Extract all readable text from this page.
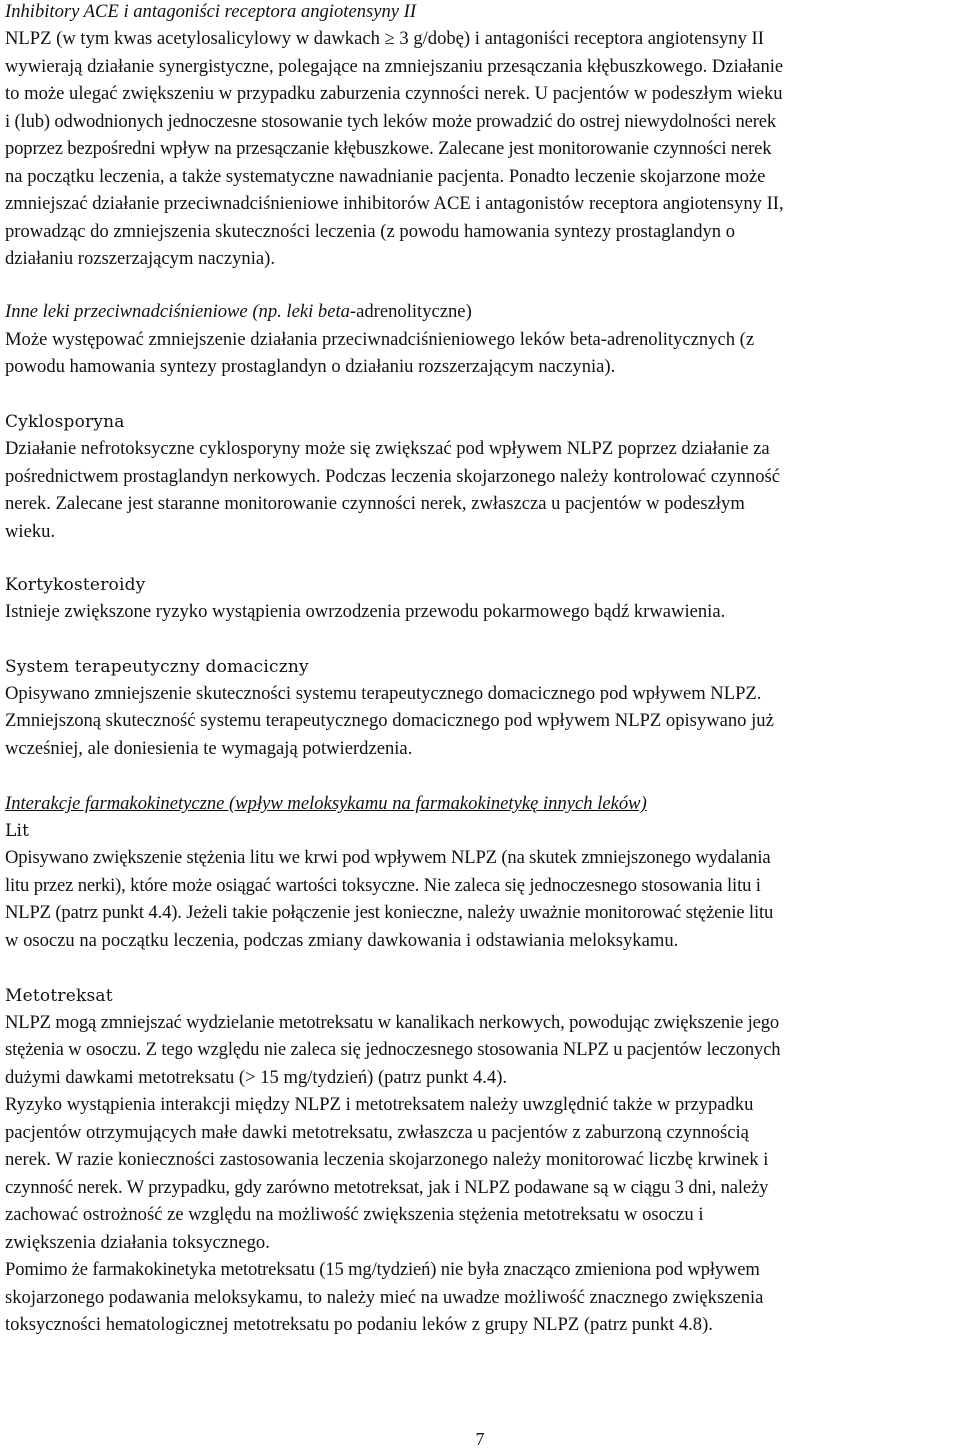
Inhibitory ACE i antagoniści receptora angiotensyny II
NLPZ (w tym kwas acetylosalicylowy w dawkach ≥ 3 g/dobę) i antagoniści receptora angiotensyny II
wywierają działanie synergistyczne, polegające na zmniejszaniu przesączania kłębuszkowego. Działanie
to może ulegać zwiększeniu w przypadku zaburzenia czynności nerek. U pacjentów w podeszłym wieku
i (lub) odwodnionych jednoczesne stosowanie tych leków może prowadzić do ostrej niewydolności nerek
poprzez bezpośredni wpływ na przesączanie kłębuszkowe. Zalecane jest monitorowanie czynności nerek
na początku leczenia, a także systematyczne nawadnianie pacjenta. Ponadto leczenie skojarzone może
zmniejszać działanie przeciwnadciśnieniowe inhibitorów ACE i antagonistów receptora angiotensyny II,
prowadząc do zmniejszenia skuteczności leczenia (z powodu hamowania syntezy prostaglandyn o
działaniu rozszerzającym naczynia).
Inne leki przeciwnadciśnieniowe (np. leki beta-adrenolityczne)
Może występować zmniejszenie działania przeciwnadciśnieniowego leków beta-adrenolitycznych (z
powodu hamowania syntezy prostaglandyn o działaniu rozszerzającym naczynia).
Cyklosporyna
Działanie nefrotoksyczne cyklosporyny może się zwiększać pod wpływem NLPZ poprzez działanie za
pośrednictwem prostaglandyn nerkowych. Podczas leczenia skojarzonego należy kontrolować czynność
nerek. Zalecane jest staranne monitorowanie czynności nerek, zwłaszcza u pacjentów w podeszłym
wieku.
Kortykosteroidy
Istnieje zwiększone ryzyko wystąpienia owrzodzenia przewodu pokarmowego bądź krwawienia.
System terapeutyczny domaciczny
Opisywano zmniejszenie skuteczności systemu terapeutycznego domacicznego pod wpływem NLPZ.
Zmniejszoną skuteczność systemu terapeutycznego domacicznego pod wpływem NLPZ opisywano już
wcześniej, ale doniesienia te wymagają potwierdzenia.
Interakcje farmakokinetyczne (wpływ meloksykamu na farmakokinetykę innych leków)
Lit
Opisywano zwiększenie stężenia litu we krwi pod wpływem NLPZ (na skutek zmniejszonego wydalania
litu przez nerki), które może osiągać wartości toksyczne. Nie zaleca się jednoczesnego stosowania litu i
NLPZ (patrz punkt 4.4). Jeżeli takie połączenie jest konieczne, należy uważnie monitorować stężenie litu
w osoczu na początku leczenia, podczas zmiany dawkowania i odstawiania meloksykamu.
Metotreksat
NLPZ mogą zmniejszać wydzielanie metotreksatu w kanalikach nerkowych, powodując zwiększenie jego
stężenia w osoczu. Z tego względu nie zaleca się jednoczesnego stosowania NLPZ u pacjentów leczonych
dużymi dawkami metotreksatu (> 15 mg/tydzień) (patrz punkt 4.4).
Ryzyko wystąpienia interakcji między NLPZ i metotreksatem należy uwzględnić także w przypadku
pacjentów otrzymujących małe dawki metotreksatu, zwłaszcza u pacjentów z zaburzoną czynnością
nerek. W razie konieczności zastosowania leczenia skojarzonego należy monitorować liczbę krwinek i
czynność nerek. W przypadku, gdy zarówno metotreksat, jak i NLPZ podawane są w ciągu 3 dni, należy
zachować ostrożność ze względu na możliwość zwiększenia stężenia metotreksatu w osoczu i
zwiększenia działania toksycznego.
Pomimo że farmakokinetyka metotreksatu (15 mg/tydzień) nie była znacząco zmieniona pod wpływem
skojarzonego podawania meloksykamu, to należy mieć na uwadze możliwość znacznego zwiększenia
toksyczności hematologicznej metotreksatu po podaniu leków z grupy NLPZ (patrz punkt 4.8).
7
